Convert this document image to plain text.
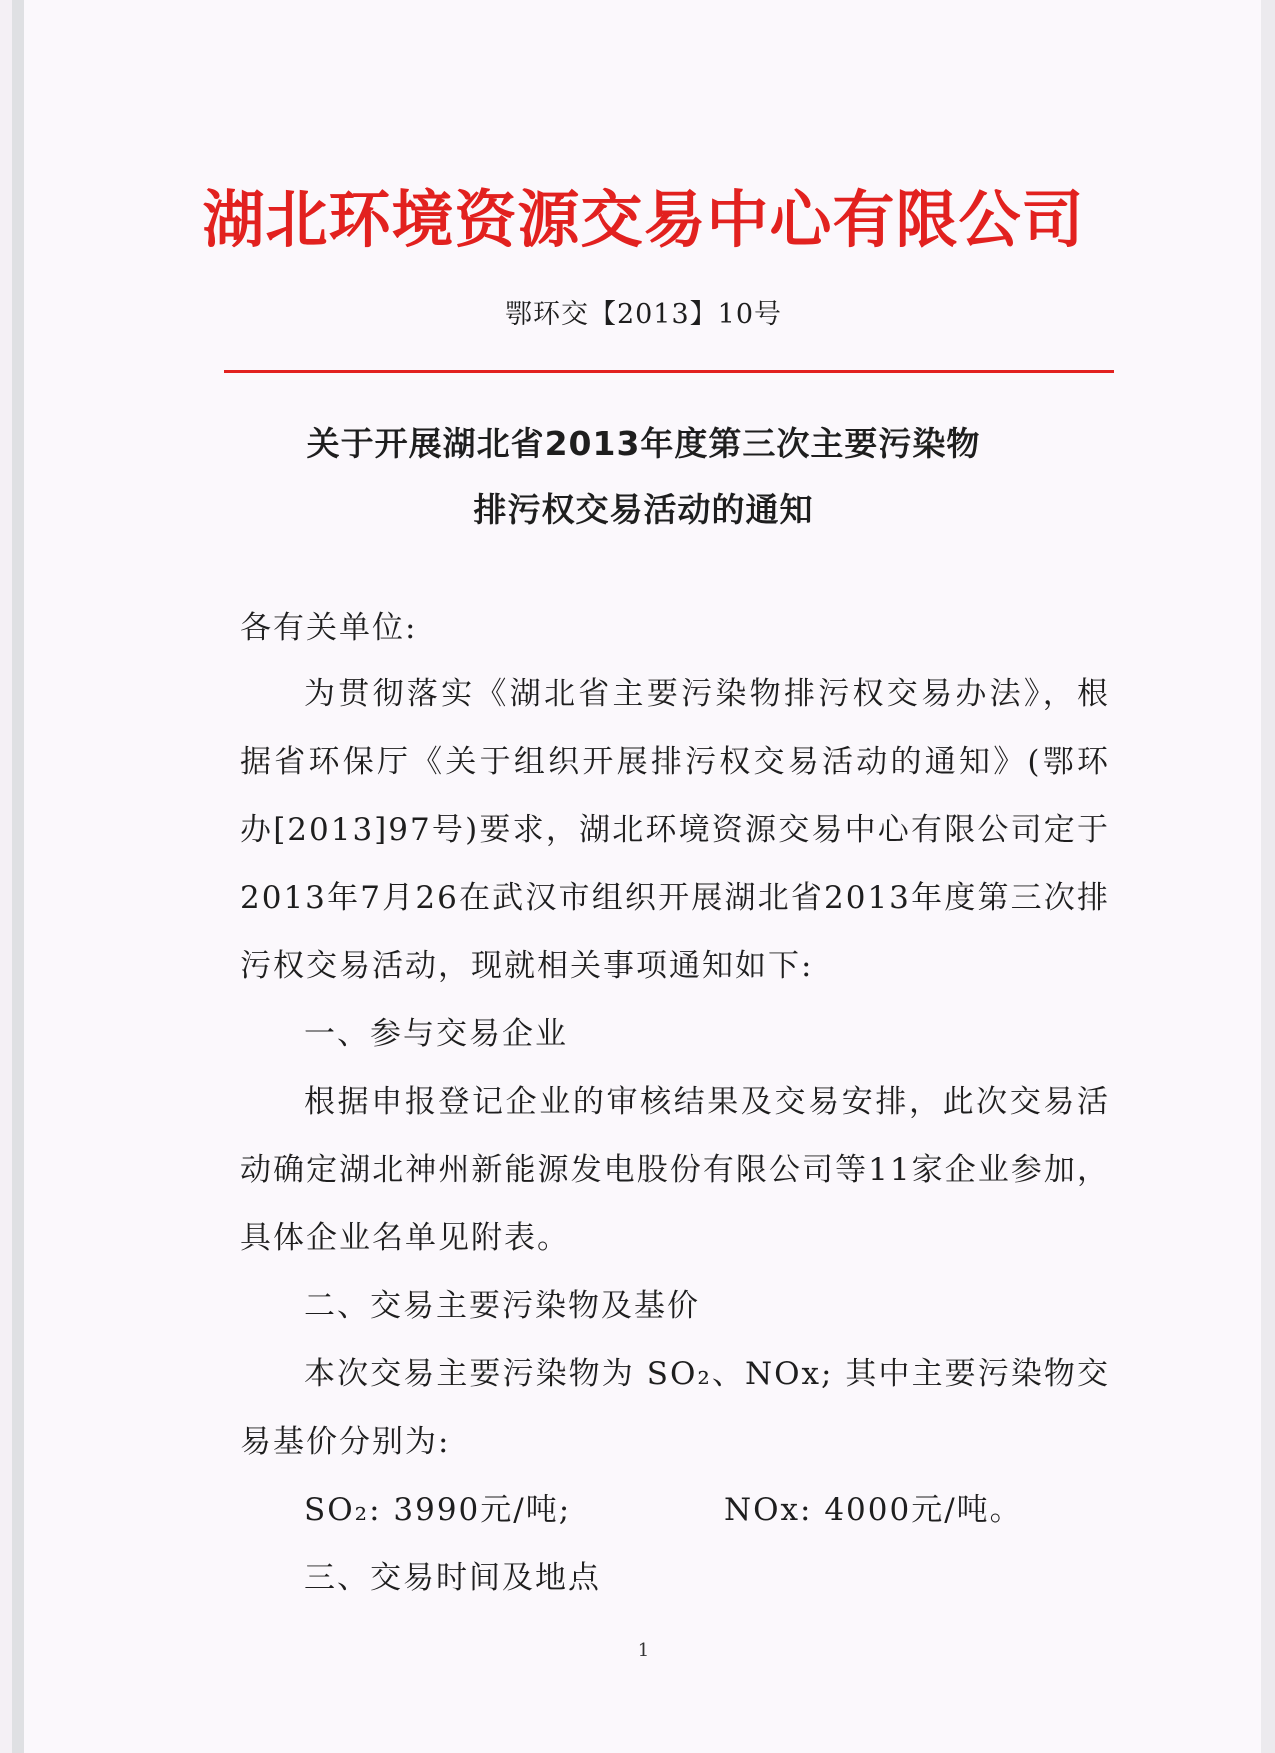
湖北环境资源交易中心有限公司
鄂环交【2013】10号
关于开展湖北省2013年度第三次主要污染物
排污权交易活动的通知
各有关单位:
为贯彻落实《湖北省主要污染物排污权交易办法》，根
据省环保厅《关于组织开展排污权交易活动的通知》(鄂环
办[2013]97号)要求，湖北环境资源交易中心有限公司定于
2013年7月26在武汉市组织开展湖北省2013年度第三次排
污权交易活动，现就相关事项通知如下:
一、参与交易企业
根据申报登记企业的审核结果及交易安排，此次交易活
动确定湖北神州新能源发电股份有限公司等11家企业参加，
具体企业名单见附表。
二、交易主要污染物及基价
本次交易主要污染物为 SO₂、NOx; 其中主要污染物交
易基价分别为:
SO₂: 3990元/吨;	NOx: 4000元/吨。
三、交易时间及地点
1
